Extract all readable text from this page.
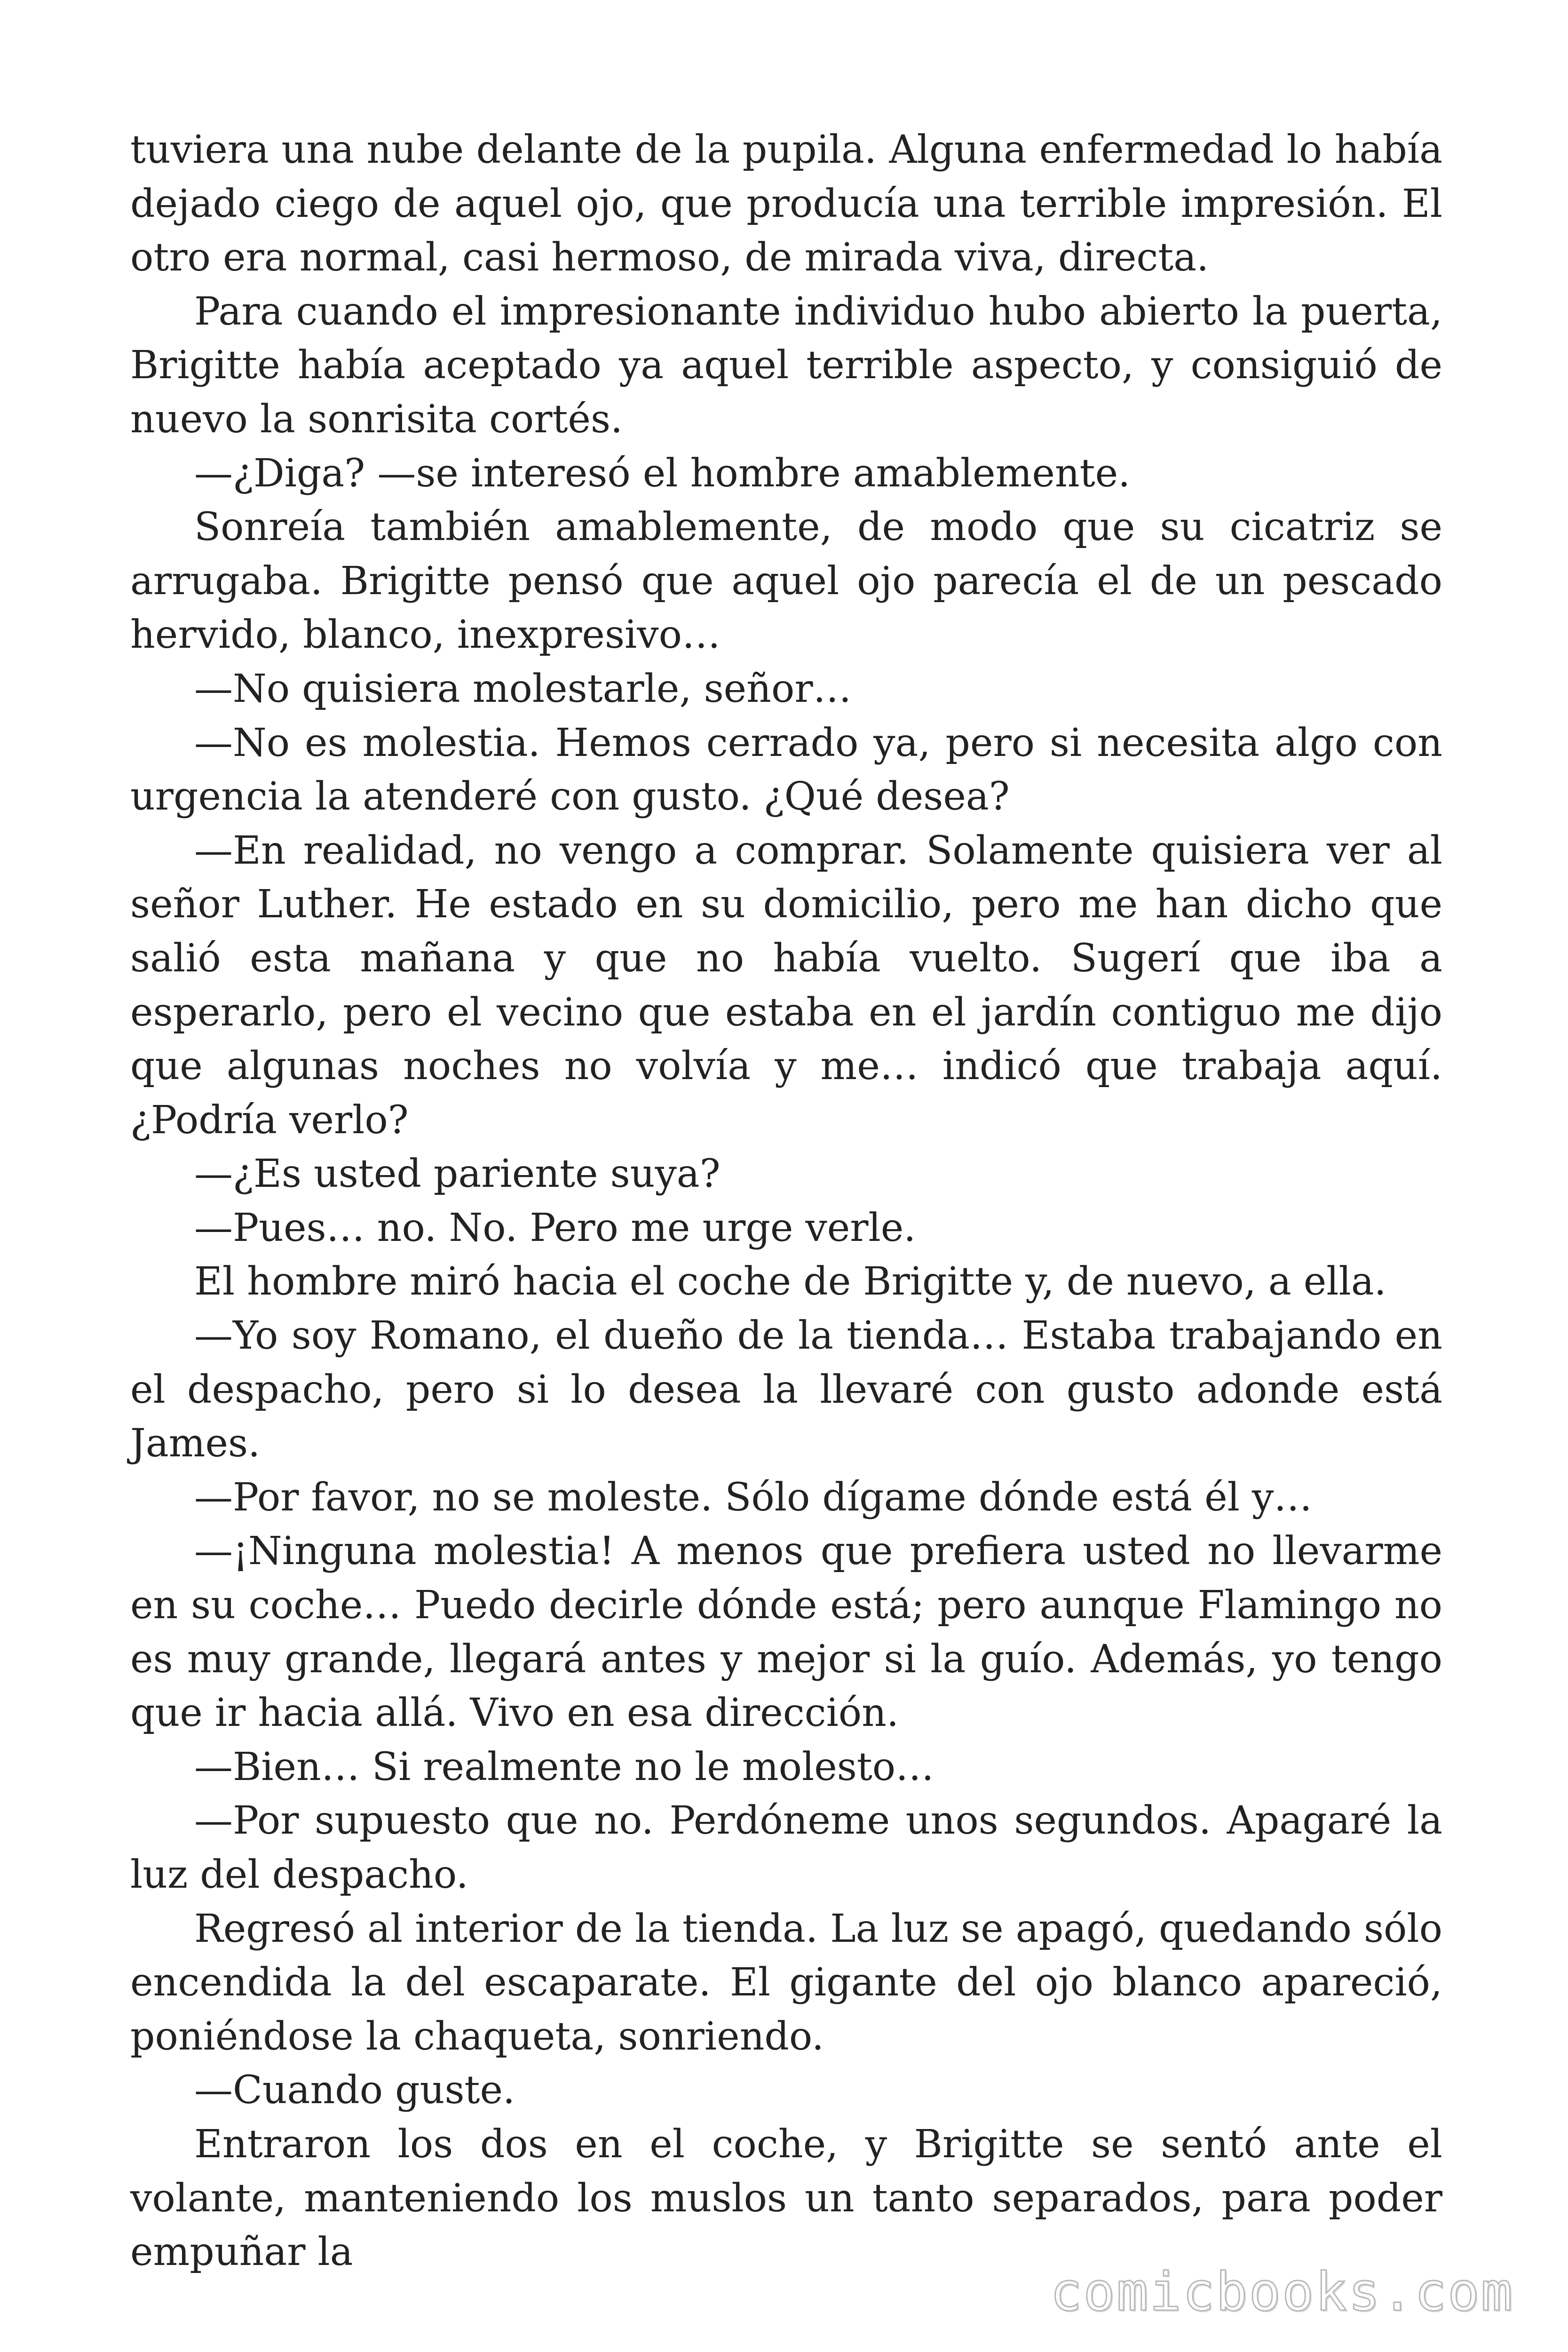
tuviera una nube delante de la pupila. Alguna enfermedad lo había dejado ciego de aquel ojo, que producía una terrible impresión. El otro era normal, casi hermoso, de mirada viva, directa.

Para cuando el impresionante individuo hubo abierto la puerta, Brigitte había aceptado ya aquel terrible aspecto, y consiguió de nuevo la sonrisita cortés.

—¿Diga? —se interesó el hombre amablemente.

Sonreía también amablemente, de modo que su cicatriz se arrugaba. Brigitte pensó que aquel ojo parecía el de un pescado hervido, blanco, inexpresivo…

—No quisiera molestarle, señor…

—No es molestia. Hemos cerrado ya, pero si necesita algo con urgencia la atenderé con gusto. ¿Qué desea?

—En realidad, no vengo a comprar. Solamente quisiera ver al señor Luther. He estado en su domicilio, pero me han dicho que salió esta mañana y que no había vuelto. Sugerí que iba a esperarlo, pero el vecino que estaba en el jardín contiguo me dijo que algunas noches no volvía y me… indicó que trabaja aquí. ¿Podría verlo?

—¿Es usted pariente suya?

—Pues… no. No. Pero me urge verle.

El hombre miró hacia el coche de Brigitte y, de nuevo, a ella.

—Yo soy Romano, el dueño de la tienda… Estaba trabajando en el despacho, pero si lo desea la llevaré con gusto adonde está James.

—Por favor, no se moleste. Sólo dígame dónde está él y…

—¡Ninguna molestia! A menos que prefiera usted no llevarme en su coche… Puedo decirle dónde está; pero aunque Flamingo no es muy grande, llegará antes y mejor si la guío. Además, yo tengo que ir hacia allá. Vivo en esa dirección.

—Bien… Si realmente no le molesto…

—Por supuesto que no. Perdóneme unos segundos. Apagaré la luz del despacho.

Regresó al interior de la tienda. La luz se apagó, quedando sólo encendida la del escaparate. El gigante del ojo blanco apareció, poniéndose la chaqueta, sonriendo.

—Cuando guste.

Entraron los dos en el coche, y Brigitte se sentó ante el volante, manteniendo los muslos un tanto separados, para poder empuñar la

comicbooks.com
